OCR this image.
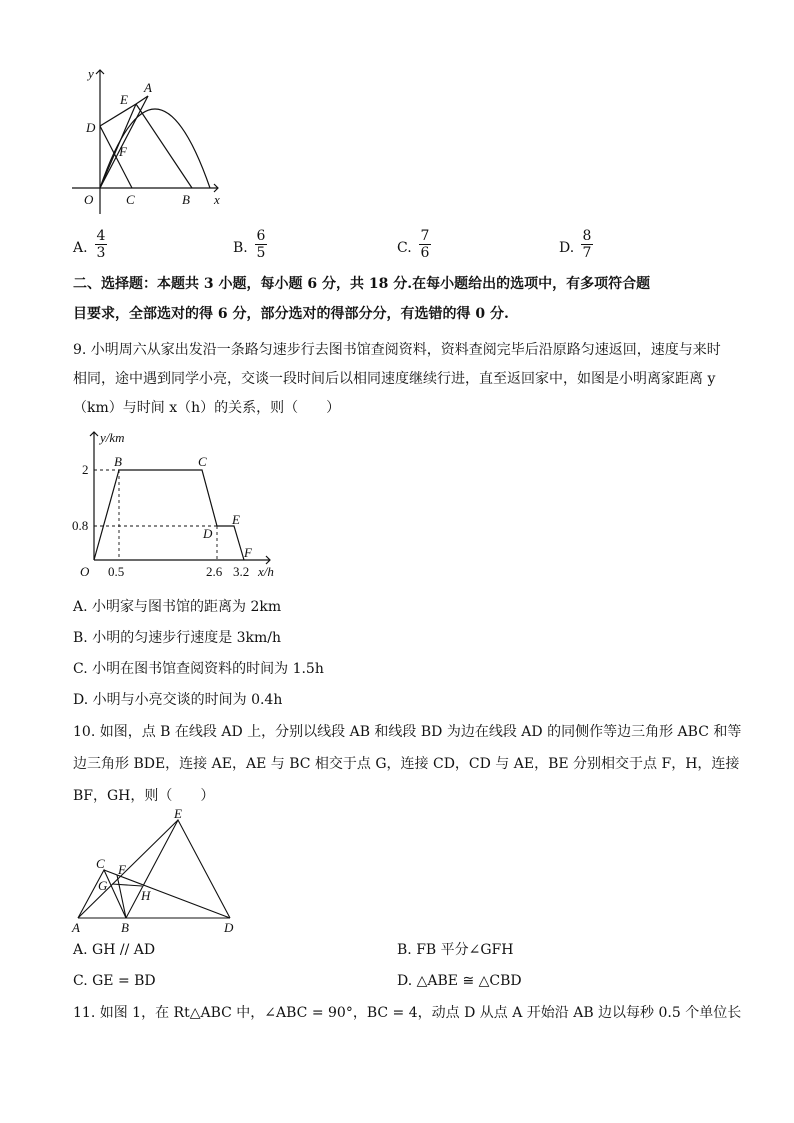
y
x
A
E
D
F
O	C	B
A.
4
3	B.
6
5	C.
7
6	D.
8
7
二、选择题：本题共 3 小题，每小题 6 分，共 18 分.在每小题给出的选项中，有多项符合题
目要求，全部选对的得 6 分，部分选对的得部分分，有选错的得 0 分.
9. 小明周六从家出发沿一条路匀速步行去图书馆查阅资料，资料查阅完毕后沿原路匀速返回，速度与来时
相同，途中遇到同学小亮，交谈一段时间后以相同速度继续行进，直至返回家中，如图是小明离家距离 y
（km）与时间 x（h）的关系，则（　　）
y/km
x/h
2
0.8
0.5	2.6 3.2
O
B	C
D
E
F
A. 小明家与图书馆的距离为 2km
B. 小明的匀速步行速度是 3km/h
C. 小明在图书馆查阅资料的时间为 1.5h
D. 小明与小亮交谈的时间为 0.4h
10. 如图，点 B 在线段 AD 上，分别以线段 AB 和线段 BD 为边在线段 AD 的同侧作等边三角形 ABC 和等
边三角形 BDE，连接 AE，AE 与 BC 相交于点 G，连接 CD，CD 与 AE，BE 分别相交于点 F，H，连接
BF，GH，则（　　）
E
C F
G
H
A	B	D
A. GH // AD	B. FB 平分∠GFH
C. GE = BD	D. △ABE ≅ △CBD
11. 如图 1，在 Rt△ABC 中，∠ABC = 90°，BC = 4，动点 D 从点 A 开始沿 AB 边以每秒 0.5 个单位长
